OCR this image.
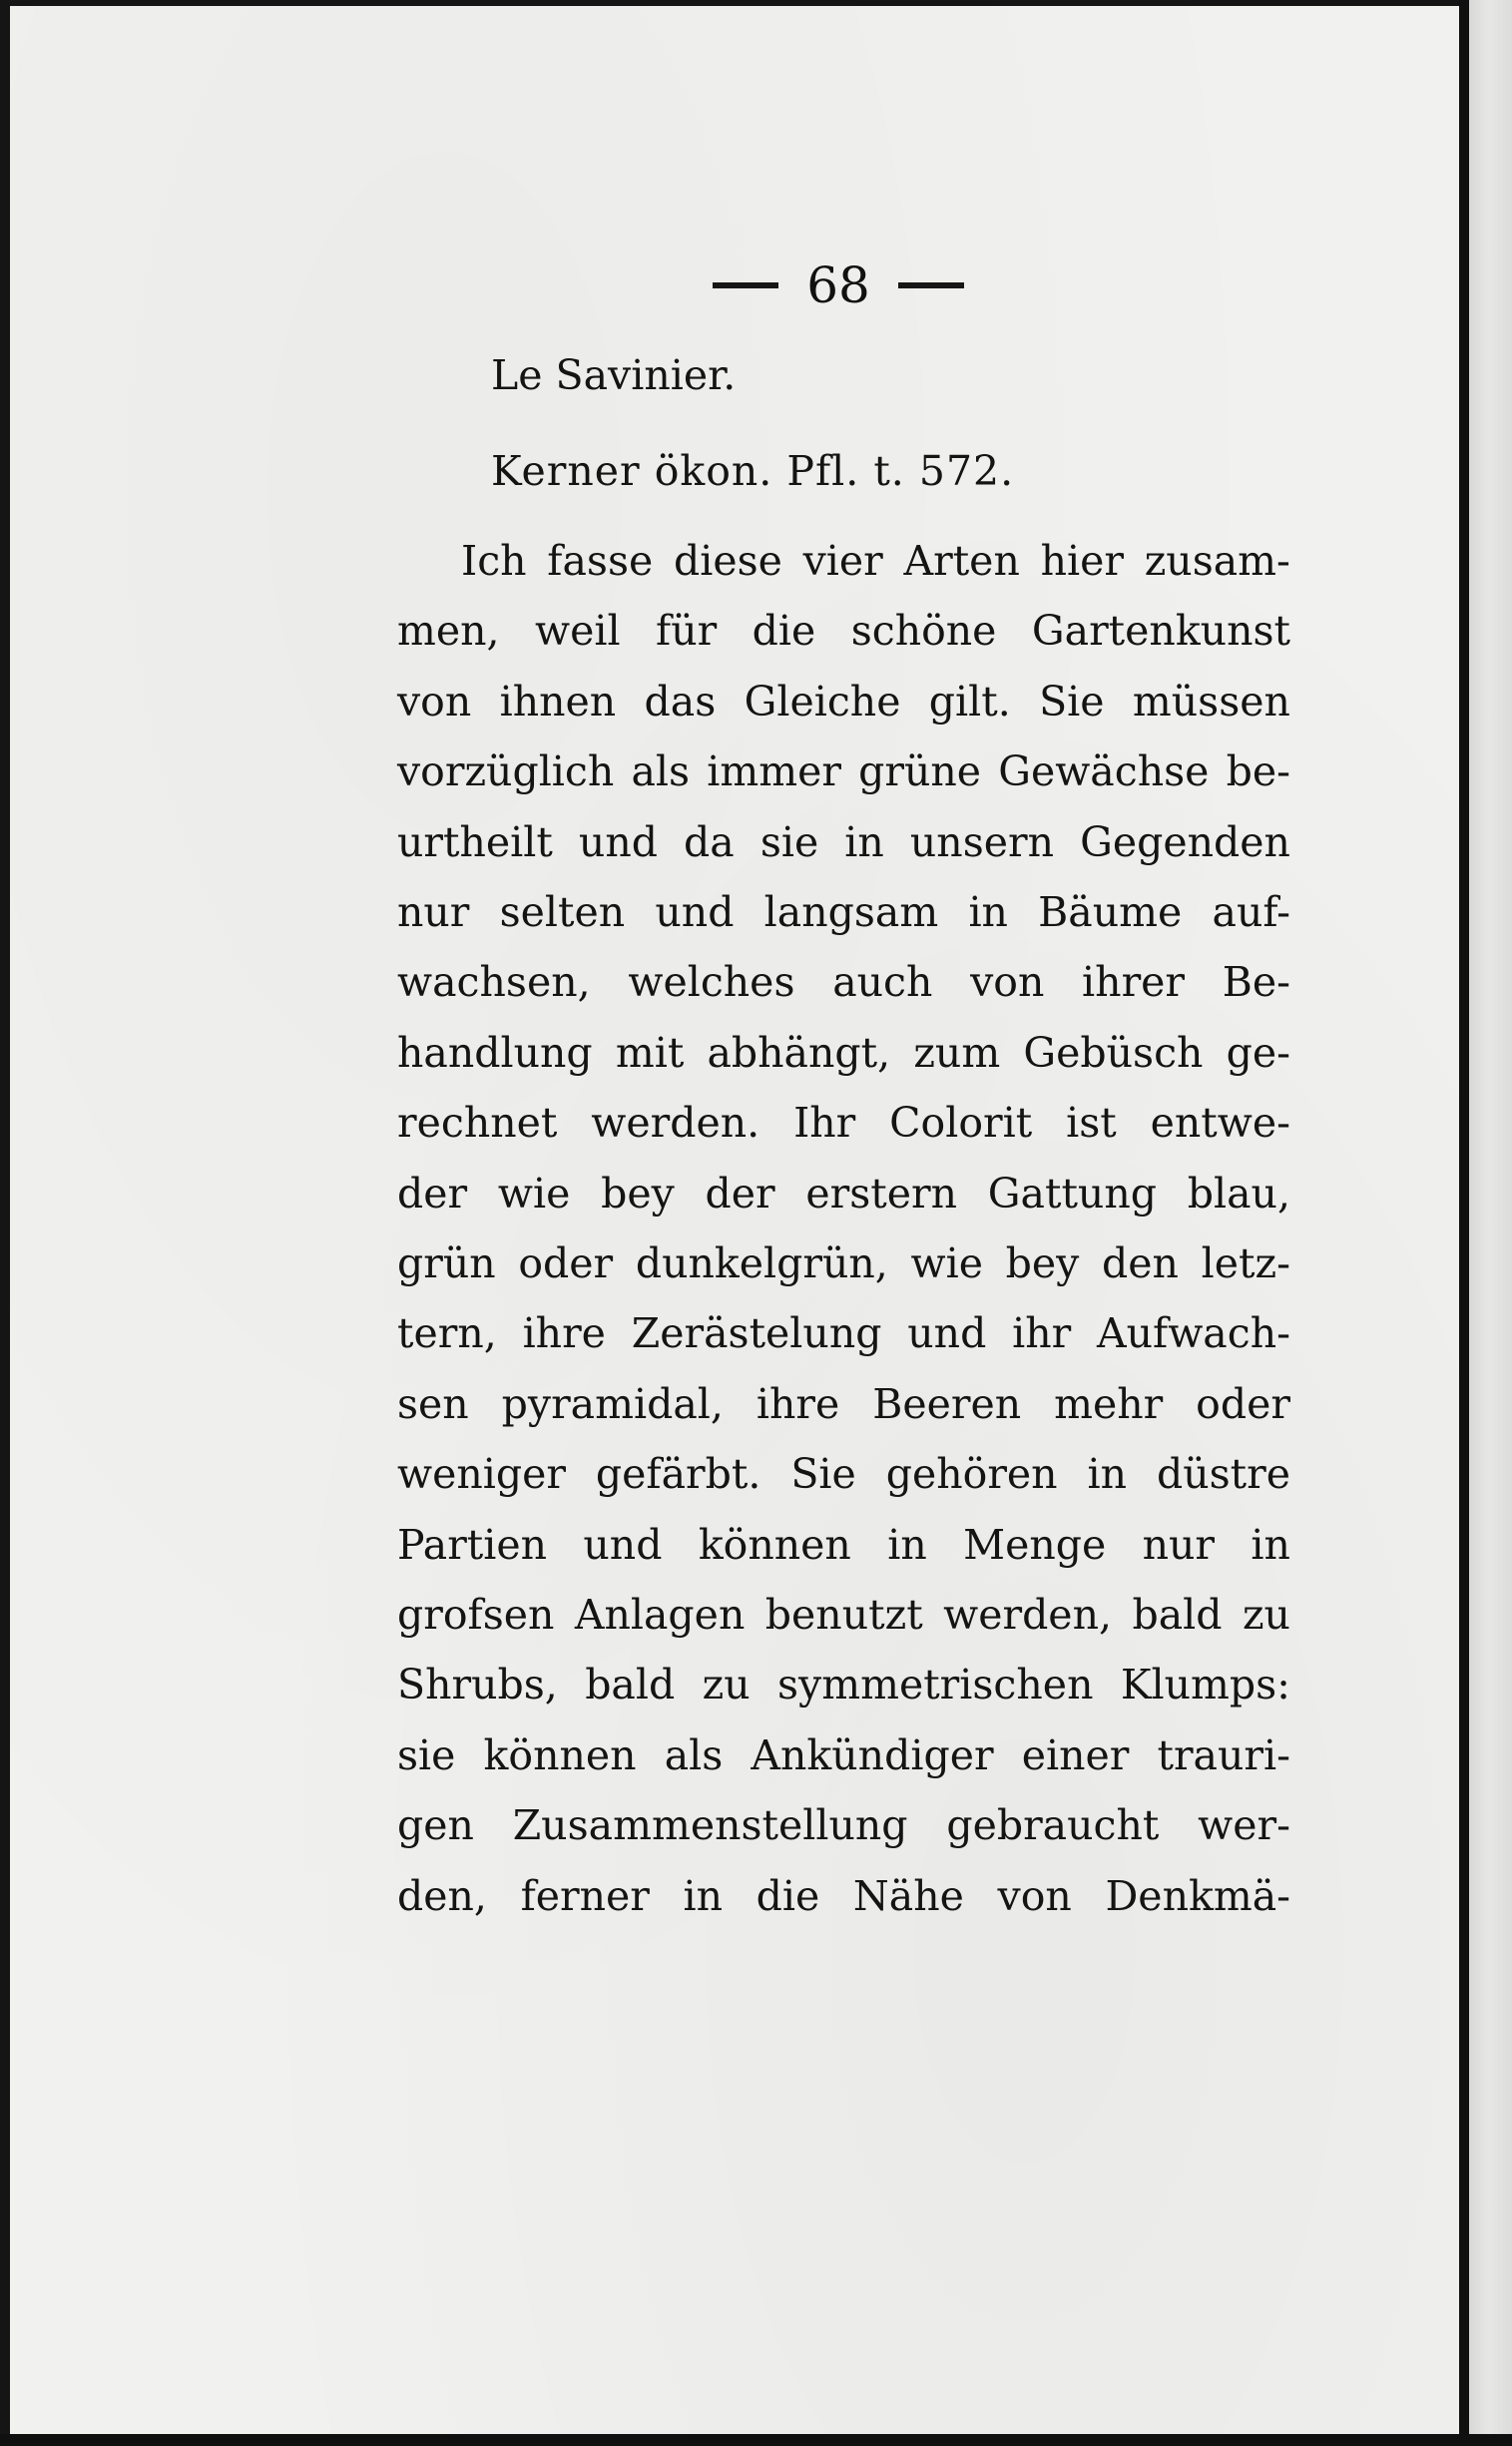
68
Le Savinier.
Kerner ökon. Pfl. t. 572.
Ich fasse diese vier Arten hier zusam-
men, weil für die schöne Gartenkunst
von ihnen das Gleiche gilt. Sie müssen
vorzüglich als immer grüne Gewächse be-
urtheilt und da sie in unsern Gegenden
nur selten und langsam in Bäume auf-
wachsen, welches auch von ihrer Be-
handlung mit abhängt, zum Gebüsch ge-
rechnet werden. Ihr Colorit ist entwe-
der wie bey der erstern Gattung blau,
grün oder dunkelgrün, wie bey den letz-
tern, ihre Zerästelung und ihr Aufwach-
sen pyramidal, ihre Beeren mehr oder
weniger gefärbt. Sie gehören in düstre
Partien und können in Menge nur in
grofsen Anlagen benutzt werden, bald zu
Shrubs, bald zu symmetrischen Klumps:
sie können als Ankündiger einer trauri-
gen Zusammenstellung gebraucht wer-
den, ferner in die Nähe von Denkmä-
